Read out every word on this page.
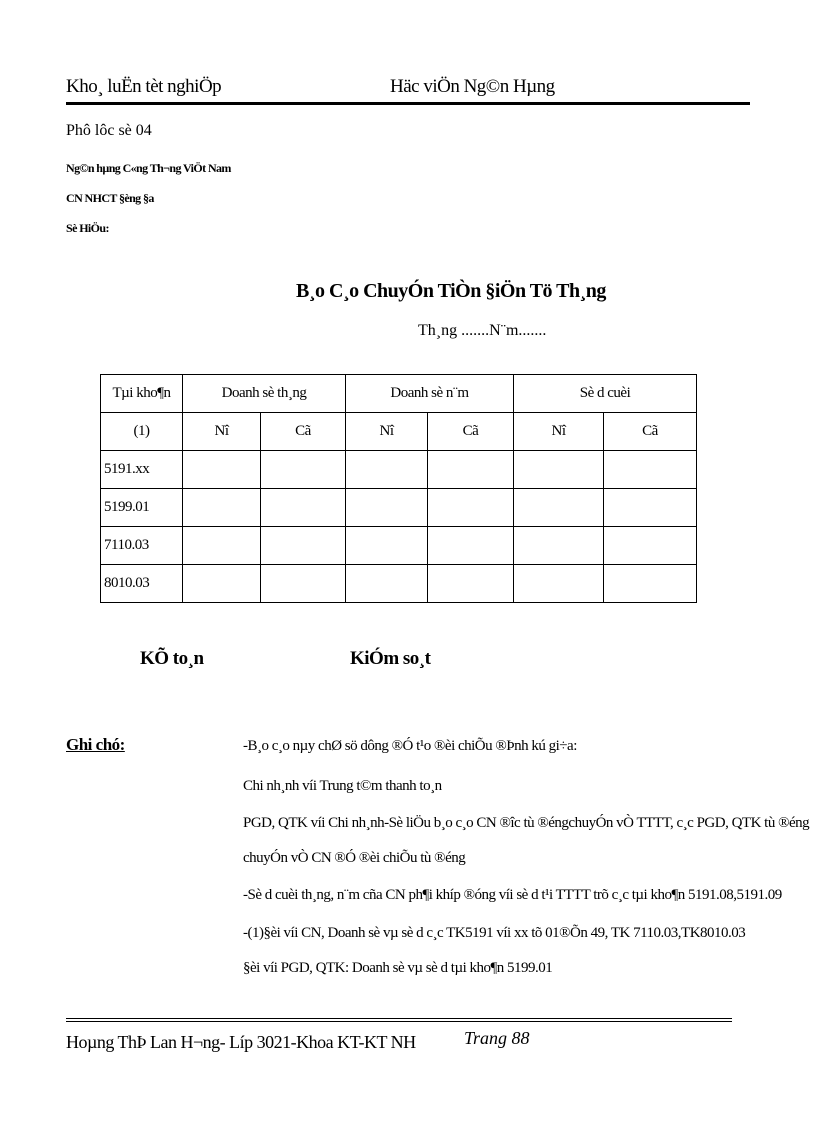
Kho¸ luËn tèt nghiÖp	Häc viÖn Ng©n Hµng
Phô lôc sè 04
Ng©n hµng C«ng Th¬ng ViÖt Nam
CN NHCT §èng §a
Sè HiÖu:
B¸o C¸o ChuyÓn TiÒn §iÖn Tö Th¸ng
Th¸ng .......N¨m.......
Tµi kho¶n	Doanh sè th¸ng		Doanh sè n¨m		Sè d cuèi	
(1)	Nî	Cã	Nî	Cã	Nî	Cã
5191.xx						
5199.01						
7110.03						
8010.03						
KÕ to¸n	KiÓm so¸t
Ghi chó:	-B¸o c¸o nµy chØ sö dông ®Ó t¹o ®èi chiÕu ®Þnh kú gi÷a:
Chi nh¸nh víi Trung t©m thanh to¸n
PGD, QTK víi Chi nh¸nh-Sè liÖu b¸o c¸o CN ®îc tù ®éngchuyÓn vÒ TTTT, c¸c PGD, QTK tù ®éng
chuyÓn vÒ CN ®Ó ®èi chiÕu tù ®éng
-Sè d cuèi th¸ng, n¨m cña CN ph¶i khíp ®óng víi sè d t¹i TTTT trõ c¸c tµi kho¶n 5191.08,5191.09
-(1)§èi víi CN, Doanh sè vµ sè d c¸c TK5191 víi xx tõ 01®Õn 49, TK 7110.03,TK8010.03
§èi víi PGD, QTK: Doanh sè vµ sè d tµi kho¶n 5199.01
Hoµng ThÞ Lan H¬ng- Líp 3021-Khoa KT-KT NH	Trang 88
